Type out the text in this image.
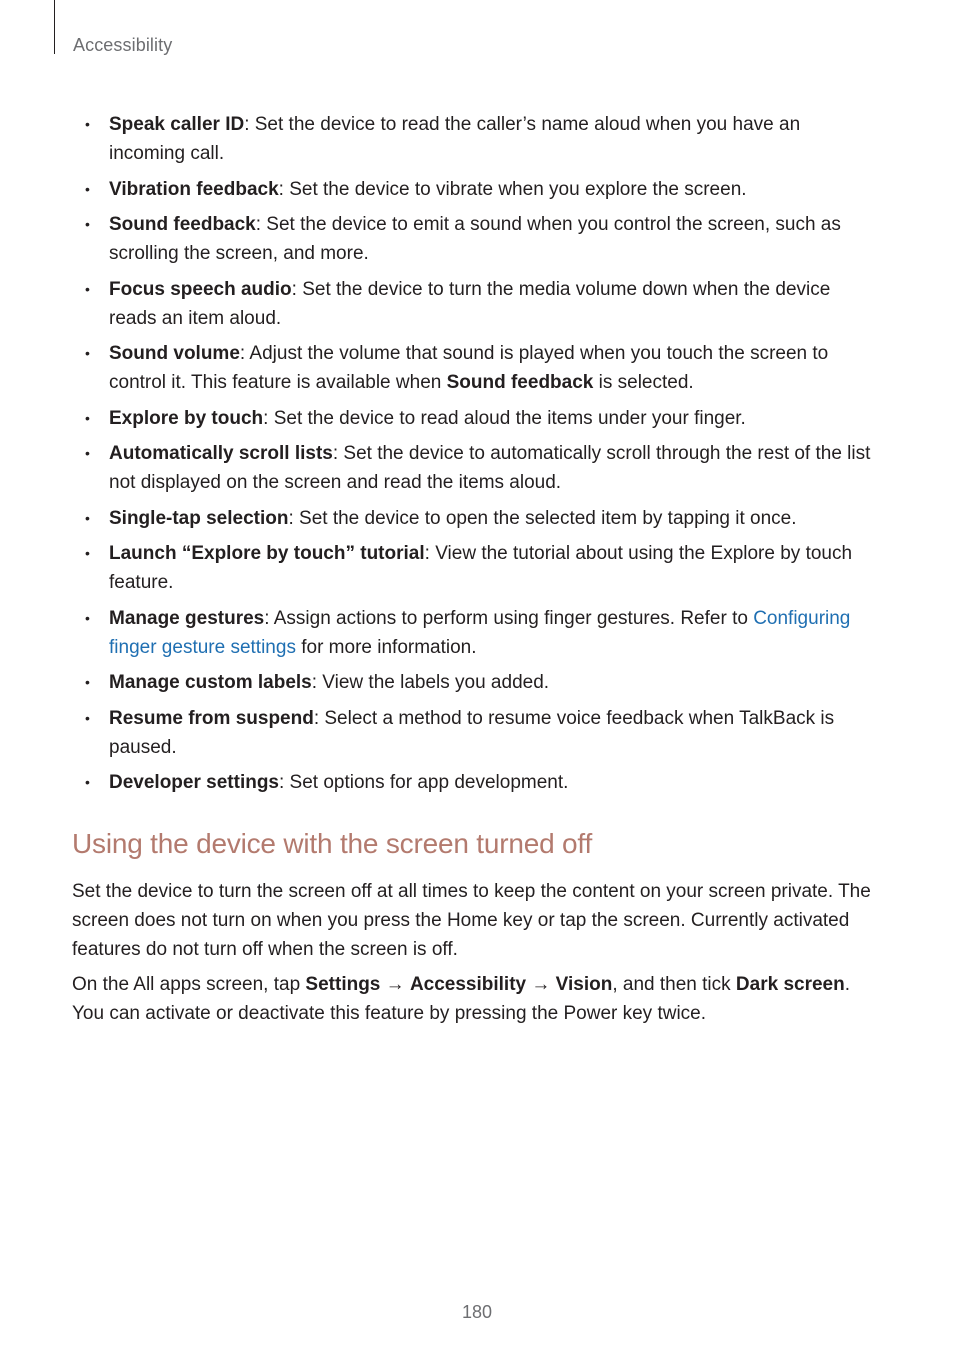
Accessibility
• Speak caller ID: Set the device to read the caller’s name aloud when you have an incoming call.
• Vibration feedback: Set the device to vibrate when you explore the screen.
• Sound feedback: Set the device to emit a sound when you control the screen, such as scrolling the screen, and more.
• Focus speech audio: Set the device to turn the media volume down when the device reads an item aloud.
• Sound volume: Adjust the volume that sound is played when you touch the screen to control it. This feature is available when Sound feedback is selected.
• Explore by touch: Set the device to read aloud the items under your finger.
• Automatically scroll lists: Set the device to automatically scroll through the rest of the list not displayed on the screen and read the items aloud.
• Single-tap selection: Set the device to open the selected item by tapping it once.
• Launch “Explore by touch” tutorial: View the tutorial about using the Explore by touch feature.
• Manage gestures: Assign actions to perform using finger gestures. Refer to Configuring finger gesture settings for more information.
• Manage custom labels: View the labels you added.
• Resume from suspend: Select a method to resume voice feedback when TalkBack is paused.
• Developer settings: Set options for app development.
Using the device with the screen turned off

Set the device to turn the screen off at all times to keep the content on your screen private. The screen does not turn on when you press the Home key or tap the screen. Currently activated features do not turn off when the screen is off.

On the All apps screen, tap Settings → Accessibility → Vision, and then tick Dark screen. You can activate or deactivate this feature by pressing the Power key twice.

180
